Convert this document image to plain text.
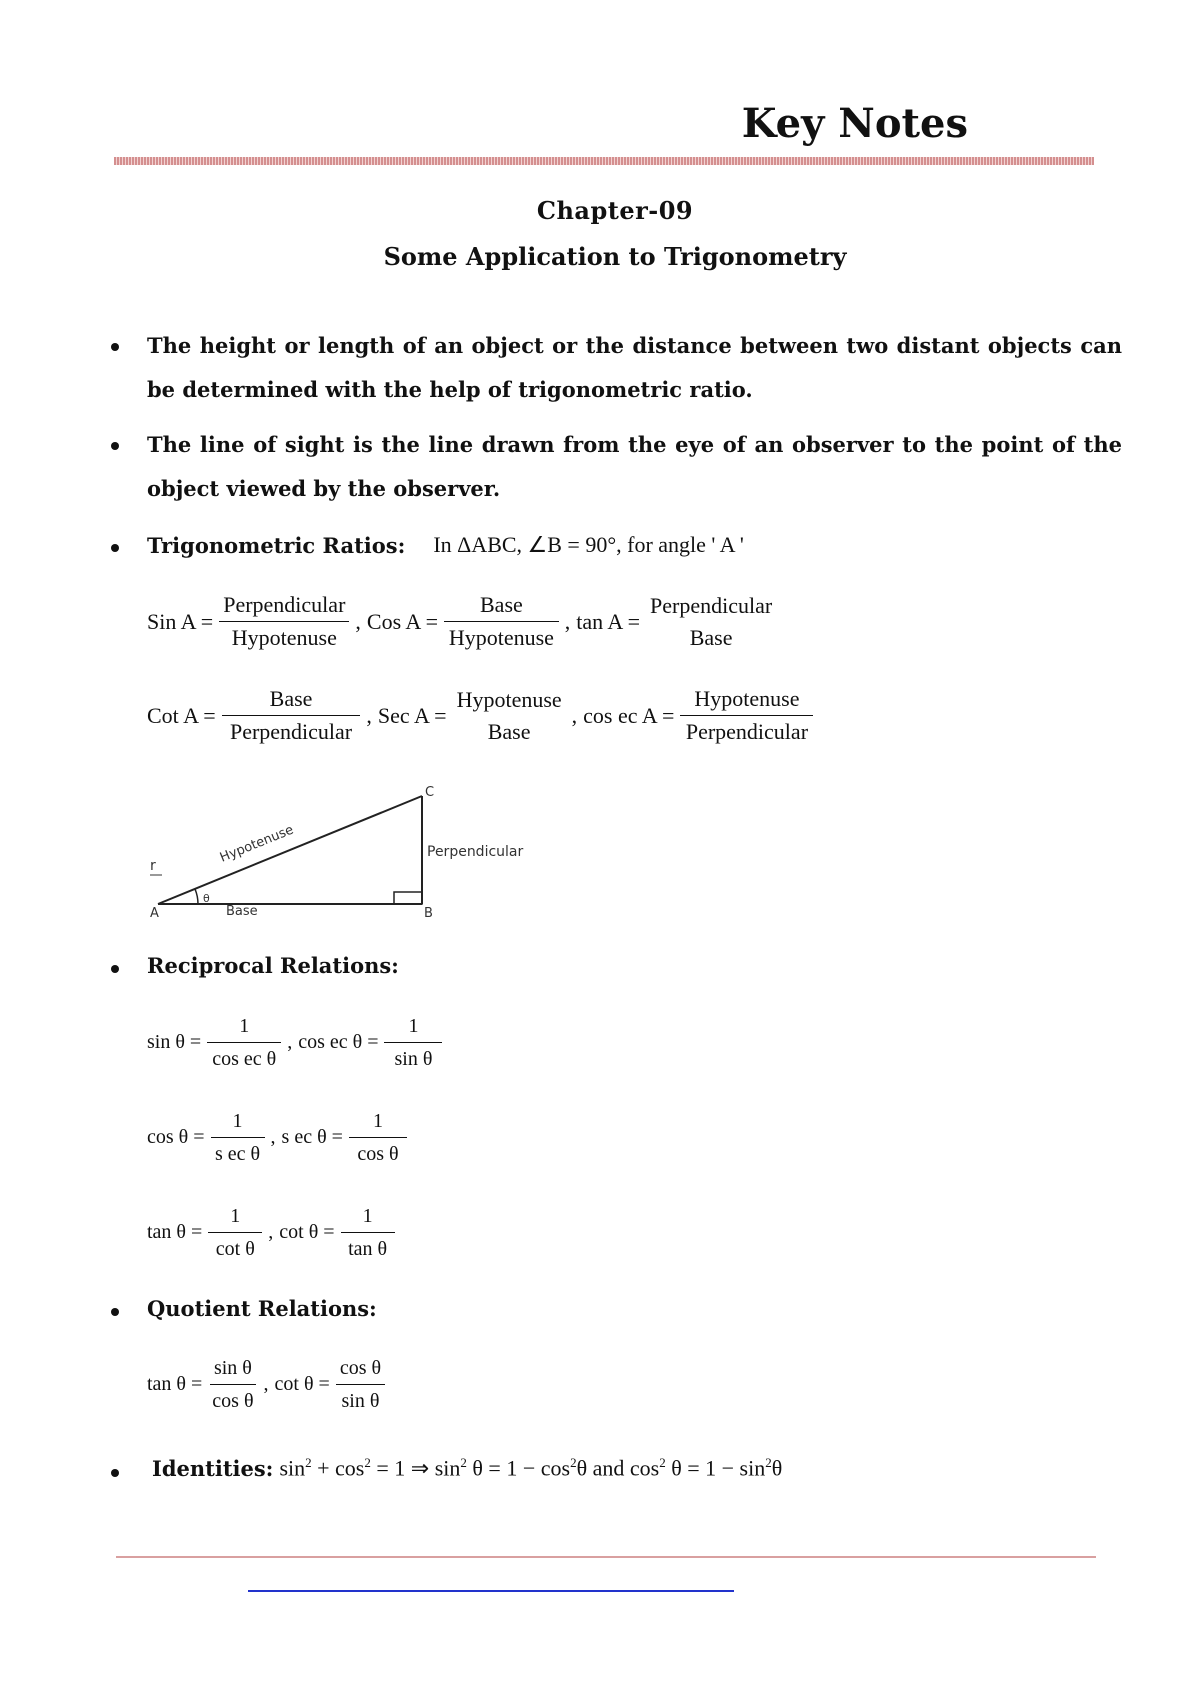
Key Notes
Chapter-09
Some Application to Trigonometry
The height or length of an object or the distance between two distant objects can be determined with the help of trigonometric ratio.
The line of sight is the line drawn from the eye of an observer to the point of the object viewed by the observer.
Trigonometric Ratios: In ΔABC, ∠B = 90°, for angle ' A '
Sin $A = \frac{\text{Perpendicular}}{\text{Hypotenuse}}$ , Cos $A = \frac{\text{Base}}{\text{Hypotenuse}}$ , tan A =
Perpendicular
Base
Cot $A = \frac{\text{Base}}{\text{Perpendicular}}$ , Sec A =
Hypotenuse
Base
, cos ec $A = \frac{\text{Hypotenuse}}{\text{Perpendicular}}$
A	B
C
Base
Perpendicular
Hypotenuse
θ
r
Reciprocal Relations:
$\sin \theta = \frac{1}{\text{cos ec θ}}$ , cos ec $\theta = \frac{1}{\text{sin θ}}$
$\cos \theta = \frac{1}{\text{s ec θ}}$ , s ec $\theta = \frac{1}{\text{cos θ}}$
$\tan \theta = \frac{1}{\text{cot θ}}$ , $\cot \theta = \frac{1}{\text{tan θ}}$
Quotient Relations:
$\tan \theta = \frac{\text{sin θ}}{\text{cos θ}}$ , $\cot \theta = \frac{\text{cos θ}}{\text{sin θ}}$
Identities: $\sin^2 + \cos^2 = 1$ ⇒ $\sin^2 \theta = 1 - \cos^2\theta$ and $\cos^2 \theta = 1 - \sin^2\theta$
